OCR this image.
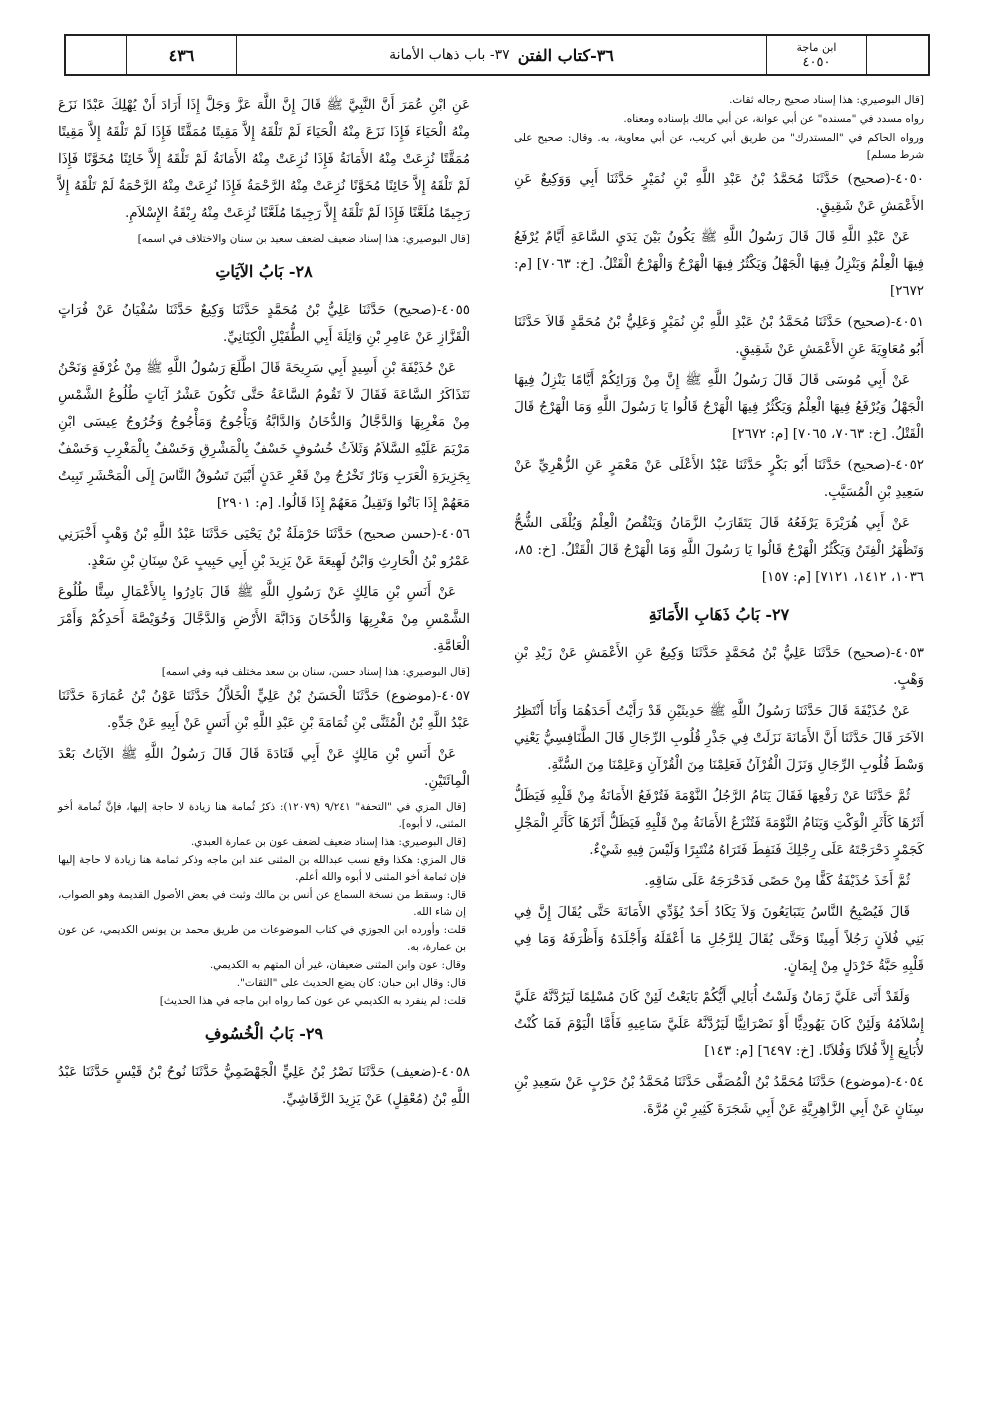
ابن ماجة
٤٠٥٠
٣٦-كتاب الفتن
٣٧- باب ذهاب الأمانة
٤٣٦

[قال البوصيري: هذا إسناد صحيح رجاله ثقات.

رواه مسدد في "مسنده" عن أبي عوانة، عن أبي مالك بإسناده ومعناه.

ورواه الحاكم في "المستدرك" من طريق أبي كريب، عن أبي معاوية، به. وقال: صحيح على شرط مسلم]

٤٠٥٠-(صحيح) حَدَّثَنَا مُحَمَّدُ بْنُ عَبْدِ اللَّهِ بْنِ نُمَيْرٍ حَدَّثَنَا أَبِي وَوَكِيعٌ عَنِ الأَعْمَشِ عَنْ شَقِيقٍ.

عَنْ عَبْدِ اللَّهِ قَالَ قَالَ رَسُولُ اللَّهِ ﷺ يَكُونُ بَيْنَ يَدَيِ السَّاعَةِ أَيَّامٌ يُرْفَعُ فِيهَا الْعِلْمُ وَيَنْزِلُ فِيهَا الْجَهْلُ وَيَكْثُرُ فِيهَا الْهَرْجُ وَالْهَرْجُ الْقَتْلُ. [خ: ٧٠٦٣] [م: ٢٦٧٢]

٤٠٥١-(صحيح) حَدَّثَنَا مُحَمَّدُ بْنُ عَبْدِ اللَّهِ بْنِ نُمَيْرٍ وَعَلِيُّ بْنُ مُحَمَّدٍ قَالاَ حَدَّثَنَا أَبُو مُعَاوِيَةَ عَنِ الأَعْمَشِ عَنْ شَقِيقٍ.

عَنْ أَبِي مُوسَى قَالَ قَالَ رَسُولُ اللَّهِ ﷺ إِنَّ مِنْ وَرَائِكُمْ أَيَّامًا يَنْزِلُ فِيهَا الْجَهْلُ وَيُرْفَعُ فِيهَا الْعِلْمُ وَيَكْثُرُ فِيهَا الْهَرْجُ قَالُوا يَا رَسُولَ اللَّهِ وَمَا الْهَرْجُ قَالَ الْقَتْلُ. [خ: ٧٠٦٣، ٧٠٦٥] [م: ٢٦٧٢]

٤٠٥٢-(صحيح) حَدَّثَنَا أَبُو بَكْرٍ حَدَّثَنَا عَبْدُ الأَعْلَى عَنْ مَعْمَرٍ عَنِ الزُّهْرِيِّ عَنْ سَعِيدِ بْنِ الْمُسَيَّبِ.

عَنْ أَبِي هُرَيْرَةَ يَرْفَعُهُ قَالَ يَتَقَارَبُ الزَّمَانُ وَيَنْقُصُ الْعِلْمُ وَيُلْقَى الشُّحُّ وَتَظْهَرُ الْفِتَنُ وَيَكْثُرُ الْهَرْجُ قَالُوا يَا رَسُولَ اللَّهِ وَمَا الْهَرْجُ قَالَ الْقَتْلُ. [خ: ٨٥، ١٠٣٦، ١٤١٢، ٧١٢١] [م: ١٥٧]

٢٧- بَابُ ذَهَابِ الأَمَانَةِ

٤٠٥٣-(صحيح) حَدَّثَنَا عَلِيُّ بْنُ مُحَمَّدٍ حَدَّثَنَا وَكِيعٌ عَنِ الأَعْمَشِ عَنْ زَيْدِ بْنِ وَهْبٍ.

عَنْ حُذَيْفَةَ قَالَ حَدَّثَنَا رَسُولُ اللَّهِ ﷺ حَدِيثَيْنِ قَدْ رَأَيْتُ أَحَدَهُمَا وَأَنَا أَنْتَظِرُ الآخَرَ قَالَ حَدَّثَنَا أَنَّ الأَمَانَةَ نَزَلَتْ فِي جَذْرِ قُلُوبِ الرِّجَالِ قَالَ الطَّنَافِسِيُّ يَعْنِي وَسْطَ قُلُوبِ الرِّجَالِ وَنَزَلَ الْقُرْآنُ فَعَلِمْنَا مِنَ الْقُرْآنِ وَعَلِمْنَا مِنَ السُّنَّةِ.

ثُمَّ حَدَّثَنَا عَنْ رَفْعِهَا فَقَالَ يَنَامُ الرَّجُلُ النَّوْمَةَ فَتُرْفَعُ الأَمَانَةُ مِنْ قَلْبِهِ فَيَظَلُّ أَثَرُهَا كَأَثَرِ الْوَكْتِ وَيَنَامُ النَّوْمَةَ فَتُنْزَعُ الأَمَانَةُ مِنْ قَلْبِهِ فَيَظَلُّ أَثَرُهَا كَأَثَرِ الْمَجْلِ كَجَمْرٍ دَحْرَجْتَهُ عَلَى رِجْلِكَ فَنَفِطَ فَتَرَاهُ مُنْتَبِرًا وَلَيْسَ فِيهِ شَيْءٌ.

ثُمَّ أَخَذَ حُذَيْفَةُ كَفًّا مِنْ حَصًى فَدَحْرَجَهُ عَلَى سَاقِهِ.

قَالَ فَيُصْبِحُ النَّاسُ يَتَبَايَعُونَ وَلاَ يَكَادُ أَحَدٌ يُؤَدِّي الأَمَانَةَ حَتَّى يُقَالَ إِنَّ فِي بَنِي فُلاَنٍ رَجُلاً أَمِينًا وَحَتَّى يُقَالَ لِلرَّجُلِ مَا أَعْقَلَهُ وَأَجْلَدَهُ وَأَظْرَفَهُ وَمَا فِي قَلْبِهِ حَبَّةُ خَرْدَلٍ مِنْ إِيمَانٍ.

وَلَقَدْ أَتَى عَلَيَّ زَمَانٌ وَلَسْتُ أُبَالِي أَيُّكُمْ بَايَعْتُ لَئِنْ كَانَ مُسْلِمًا لَيَرُدَّنَّهُ عَلَيَّ إِسْلاَمُهُ وَلَئِنْ كَانَ يَهُودِيًّا أَوْ نَصْرَانِيًّا لَيَرُدَّنَّهُ عَلَيَّ سَاعِيهِ فَأَمَّا الْيَوْمَ فَمَا كُنْتُ لأُبَايِعَ إِلاَّ فُلاَنًا وَفُلاَنًا. [خ: ٦٤٩٧] [م: ١٤٣]

٤٠٥٤-(موضوع) حَدَّثَنَا مُحَمَّدُ بْنُ الْمُصَفَّى حَدَّثَنَا مُحَمَّدُ بْنُ حَرْبٍ عَنْ سَعِيدِ بْنِ سِنَانٍ عَنْ أَبِي الزَّاهِرِيَّةِ عَنْ أَبِي شَجَرَةَ كَثِيرِ بْنِ مُرَّةَ.

عَنِ ابْنِ عُمَرَ أَنَّ النَّبِيَّ ﷺ قَالَ إِنَّ اللَّهَ عَزَّ وَجَلَّ إِذَا أَرَادَ أَنْ يُهْلِكَ عَبْدًا نَزَعَ مِنْهُ الْحَيَاءَ فَإِذَا نَزَعَ مِنْهُ الْحَيَاءَ لَمْ تَلْقَهُ إِلاَّ مَقِيتًا مُمَقَّتًا فَإِذَا لَمْ تَلْقَهُ إِلاَّ مَقِيتًا مُمَقَّتًا نُزِعَتْ مِنْهُ الأَمَانَةُ فَإِذَا نُزِعَتْ مِنْهُ الأَمَانَةُ لَمْ تَلْقَهُ إِلاَّ خَائِنًا مُخَوَّنًا فَإِذَا لَمْ تَلْقَهُ إِلاَّ خَائِنًا مُخَوَّنًا نُزِعَتْ مِنْهُ الرَّحْمَةُ فَإِذَا نُزِعَتْ مِنْهُ الرَّحْمَةُ لَمْ تَلْقَهُ إِلاَّ رَجِيمًا مُلَعَّنًا فَإِذَا لَمْ تَلْقَهُ إِلاَّ رَجِيمًا مُلَعَّنًا نُزِعَتْ مِنْهُ رِبْقَةُ الإِسْلاَمِ.

[قال البوصيري: هذا إسناد ضعيف لضعف سعيد بن سنان والاختلاف في اسمه]

٢٨- بَابُ الآيَاتِ

٤٠٥٥-(صحيح) حَدَّثَنَا عَلِيُّ بْنُ مُحَمَّدٍ حَدَّثَنَا وَكِيعٌ حَدَّثَنَا سُفْيَانُ عَنْ فُرَاتٍ الْقَزَّازِ عَنْ عَامِرِ بْنِ وَاثِلَةَ أَبِي الطُّفَيْلِ الْكِنَانِيِّ.

عَنْ حُذَيْفَةَ بْنِ أَسِيدٍ أَبِي سَرِيحَةَ قَالَ اطَّلَعَ رَسُولُ اللَّهِ ﷺ مِنْ غُرْفَةٍ وَنَحْنُ نَتَذَاكَرُ السَّاعَةَ فَقَالَ لاَ تَقُومُ السَّاعَةُ حَتَّى تَكُونَ عَشْرُ آيَاتٍ طُلُوعُ الشَّمْسِ مِنْ مَغْرِبِهَا وَالدَّجَّالُ وَالدُّخَانُ وَالدَّابَّةُ وَيَأْجُوجُ وَمَأْجُوجُ وَخُرُوجُ عِيسَى ابْنِ مَرْيَمَ عَلَيْهِ السَّلاَمُ وَثَلاَثُ خُسُوفٍ خَسْفٌ بِالْمَشْرِقِ وَخَسْفٌ بِالْمَغْرِبِ وَخَسْفٌ بِجَزِيرَةِ الْعَرَبِ وَنَارٌ تَخْرُجُ مِنْ قَعْرِ عَدَنٍ أَبْيَنَ تَسُوقُ النَّاسَ إِلَى الْمَحْشَرِ تَبِيتُ مَعَهُمْ إِذَا بَاتُوا وَتَقِيلُ مَعَهُمْ إِذَا قَالُوا. [م: ٢٩٠١]

٤٠٥٦-(حسن صحيح) حَدَّثَنَا حَرْمَلَةُ بْنُ يَحْيَى حَدَّثَنَا عَبْدُ اللَّهِ بْنُ وَهْبٍ أَخْبَرَنِي عَمْرُو بْنُ الْحَارِثِ وَابْنُ لَهِيعَةَ عَنْ يَزِيدَ بْنِ أَبِي حَبِيبٍ عَنْ سِنَانِ بْنِ سَعْدٍ.

عَنْ أَنَسِ بْنِ مَالِكٍ عَنْ رَسُولِ اللَّهِ ﷺ قَالَ بَادِرُوا بِالأَعْمَالِ سِتًّا طُلُوعَ الشَّمْسِ مِنْ مَغْرِبِهَا وَالدُّخَانَ وَدَابَّةَ الأَرْضِ وَالدَّجَّالَ وَخُوَيْصَّةَ أَحَدِكُمْ وَأَمْرَ الْعَامَّةِ.

[قال البوصيري: هذا إسناد حسن، سنان بن سعد مختلف فيه وفي اسمه]

٤٠٥٧-(موضوع) حَدَّثَنَا الْحَسَنُ بْنُ عَلِيٍّ الْخَلاَّلُ حَدَّثَنَا عَوْنُ بْنُ عُمَارَةَ حَدَّثَنَا عَبْدُ اللَّهِ بْنُ الْمُثَنَّى بْنِ ثُمَامَةَ بْنِ عَبْدِ اللَّهِ بْنِ أَنَسٍ عَنْ أَبِيهِ عَنْ جَدِّهِ.

عَنْ أَنَسِ بْنِ مَالِكٍ عَنْ أَبِي قَتَادَةَ قَالَ قَالَ رَسُولُ اللَّهِ ﷺ الآيَاتُ بَعْدَ الْمِائَتَيْنِ.

[قال المزي في "التحفة" ٩/٢٤١ (١٢٠٧٩): ذكرُ ثُمامة هنا زيادة لا حاجة إليها، فإنَّ ثُمامة أخو المثنى، لا أبوه].

[قال البوصيري: هذا إسناد ضعيف لضعف عون بن عمارة العبدي.

قال المزي: هكذا وقع نسب عبدالله بن المثنى عند ابن ماجه وذكر ثمامة هنا زيادة لا حاجة إليها فإن ثمامة أخو المثنى لا أبوه والله أعلم.

قال: وسقط من نسخة السماع عن أنس بن مالك وثبت في بعض الأصول القديمة وهو الصواب، إن شاء الله.

قلت: وأورده ابن الجوزي في كتاب الموضوعات من طريق محمد بن يونس الكديمي، عن عون بن عمارة، به.

وقال: عون وابن المثنى ضعيفان، غير أن المتهم به الكديمي.

قال: وقال ابن حبان: كان يضع الحديث على "الثقات".

قلت: لم ينفرد به الكديمي عن عون كما رواه ابن ماجه في هذا الحديث]

٢٩- بَابُ الْخُسُوفِ

٤٠٥٨-(ضعيف) حَدَّثَنَا نَصْرُ بْنُ عَلِيٍّ الْجَهْضَمِيُّ حَدَّثَنَا نُوحُ بْنُ قَيْسٍ حَدَّثَنَا عَبْدُ اللَّهِ بْنُ (مُعْقِلٍ) عَنْ يَزِيدَ الرَّقَاشِيِّ.
